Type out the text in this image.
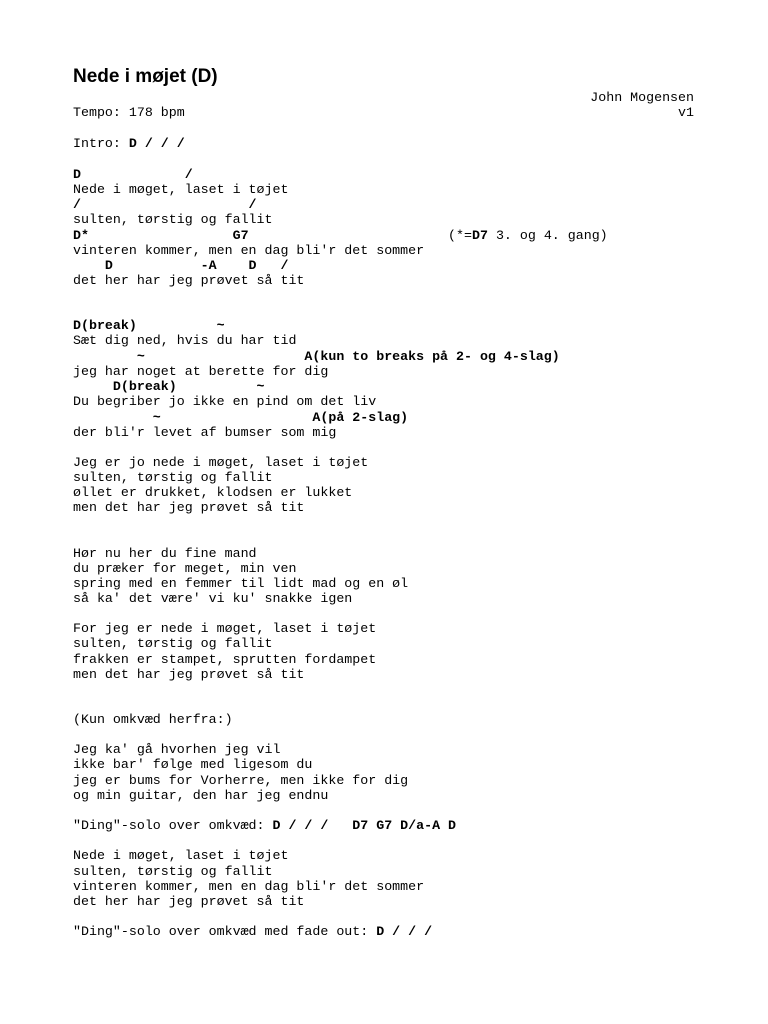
Nede i møjet (D)
John Mogensen
v1
Tempo: 178 bpm
Intro: D / / /
D             /
Nede i møget, laset i tøjet
/                     /
sulten, tørstig og fallit
D*                  G7                         (*=D7 3. og 4. gang)
vinteren kommer, men en dag bli'r det sommer
D           -A    D   /
det her har jeg prøvet så tit
D(break)          ~
Sæt dig ned, hvis du har tid
~                    A(kun to breaks på 2- og 4-slag)
jeg har noget at berette for dig
D(break)          ~
Du begriber jo ikke en pind om det liv
~                   A(på 2-slag)
der bli'r levet af bumser som mig
Jeg er jo nede i møget, laset i tøjet
sulten, tørstig og fallit
øllet er drukket, klodsen er lukket
men det har jeg prøvet så tit
Hør nu her du fine mand
du præker for meget, min ven
spring med en femmer til lidt mad og en øl
så ka' det være' vi ku' snakke igen
For jeg er nede i møget, laset i tøjet
sulten, tørstig og fallit
frakken er stampet, sprutten fordampet
men det har jeg prøvet så tit
(Kun omkvæd herfra:)
Jeg ka' gå hvorhen jeg vil
ikke bar' følge med ligesom du
jeg er bums for Vorherre, men ikke for dig
og min guitar, den har jeg endnu
"Ding"-solo over omkvæd: D / / /   D7 G7 D/a-A D
Nede i møget, laset i tøjet
sulten, tørstig og fallit
vinteren kommer, men en dag bli'r det sommer
det her har jeg prøvet så tit
"Ding"-solo over omkvæd med fade out: D / / /
